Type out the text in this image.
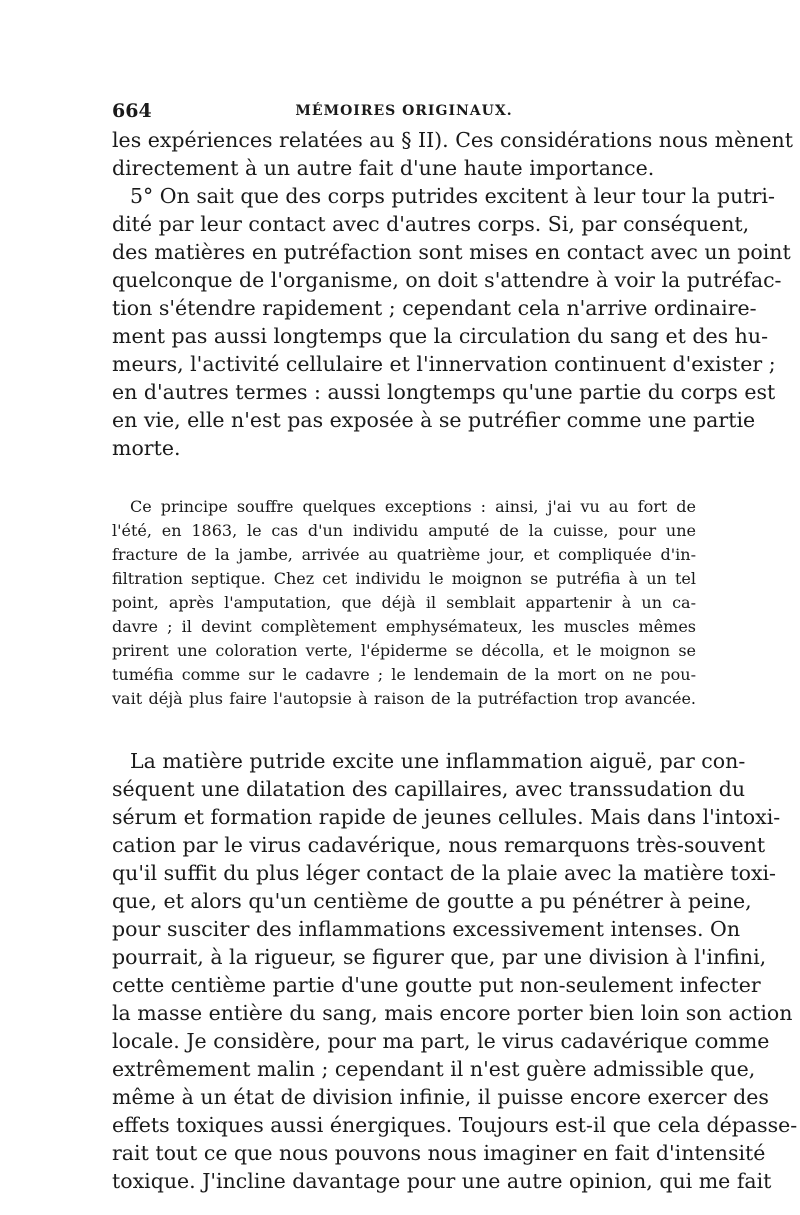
664	MÉMOIRES ORIGINAUX.
les expériences relatées au § II). Ces considérations nous mènent
directement à un autre fait d'une haute importance.
5° On sait que des corps putrides excitent à leur tour la putri-
dité par leur contact avec d'autres corps. Si, par conséquent,
des matières en putréfaction sont mises en contact avec un point
quelconque de l'organisme, on doit s'attendre à voir la putréfac-
tion s'étendre rapidement ; cependant cela n'arrive ordinaire-
ment pas aussi longtemps que la circulation du sang et des hu-
meurs, l'activité cellulaire et l'innervation continuent d'exister ;
en d'autres termes : aussi longtemps qu'une partie du corps est
en vie, elle n'est pas exposée à se putréfier comme une partie
morte.
Ce principe souffre quelques exceptions : ainsi, j'ai vu au fort de
l'été, en 1863, le cas d'un individu amputé de la cuisse, pour une
fracture de la jambe, arrivée au quatrième jour, et compliquée d'in-
filtration septique. Chez cet individu le moignon se putréfia à un tel
point, après l'amputation, que déjà il semblait appartenir à un ca-
davre ; il devint complètement emphysémateux, les muscles mêmes
prirent une coloration verte, l'épiderme se décolla, et le moignon se
tuméfia comme sur le cadavre ; le lendemain de la mort on ne pou-
vait déjà plus faire l'autopsie à raison de la putréfaction trop avancée.
La matière putride excite une inflammation aiguë, par con-
séquent une dilatation des capillaires, avec transsudation du
sérum et formation rapide de jeunes cellules. Mais dans l'intoxi-
cation par le virus cadavérique, nous remarquons très-souvent
qu'il suffit du plus léger contact de la plaie avec la matière toxi-
que, et alors qu'un centième de goutte a pu pénétrer à peine,
pour susciter des inflammations excessivement intenses. On
pourrait, à la rigueur, se figurer que, par une division à l'infini,
cette centième partie d'une goutte put non-seulement infecter
la masse entière du sang, mais encore porter bien loin son action
locale. Je considère, pour ma part, le virus cadavérique comme
extrêmement malin ; cependant il n'est guère admissible que,
même à un état de division infinie, il puisse encore exercer des
effets toxiques aussi énergiques. Toujours est-il que cela dépasse-
rait tout ce que nous pouvons nous imaginer en fait d'intensité
toxique. J'incline davantage pour une autre opinion, qui me fait
